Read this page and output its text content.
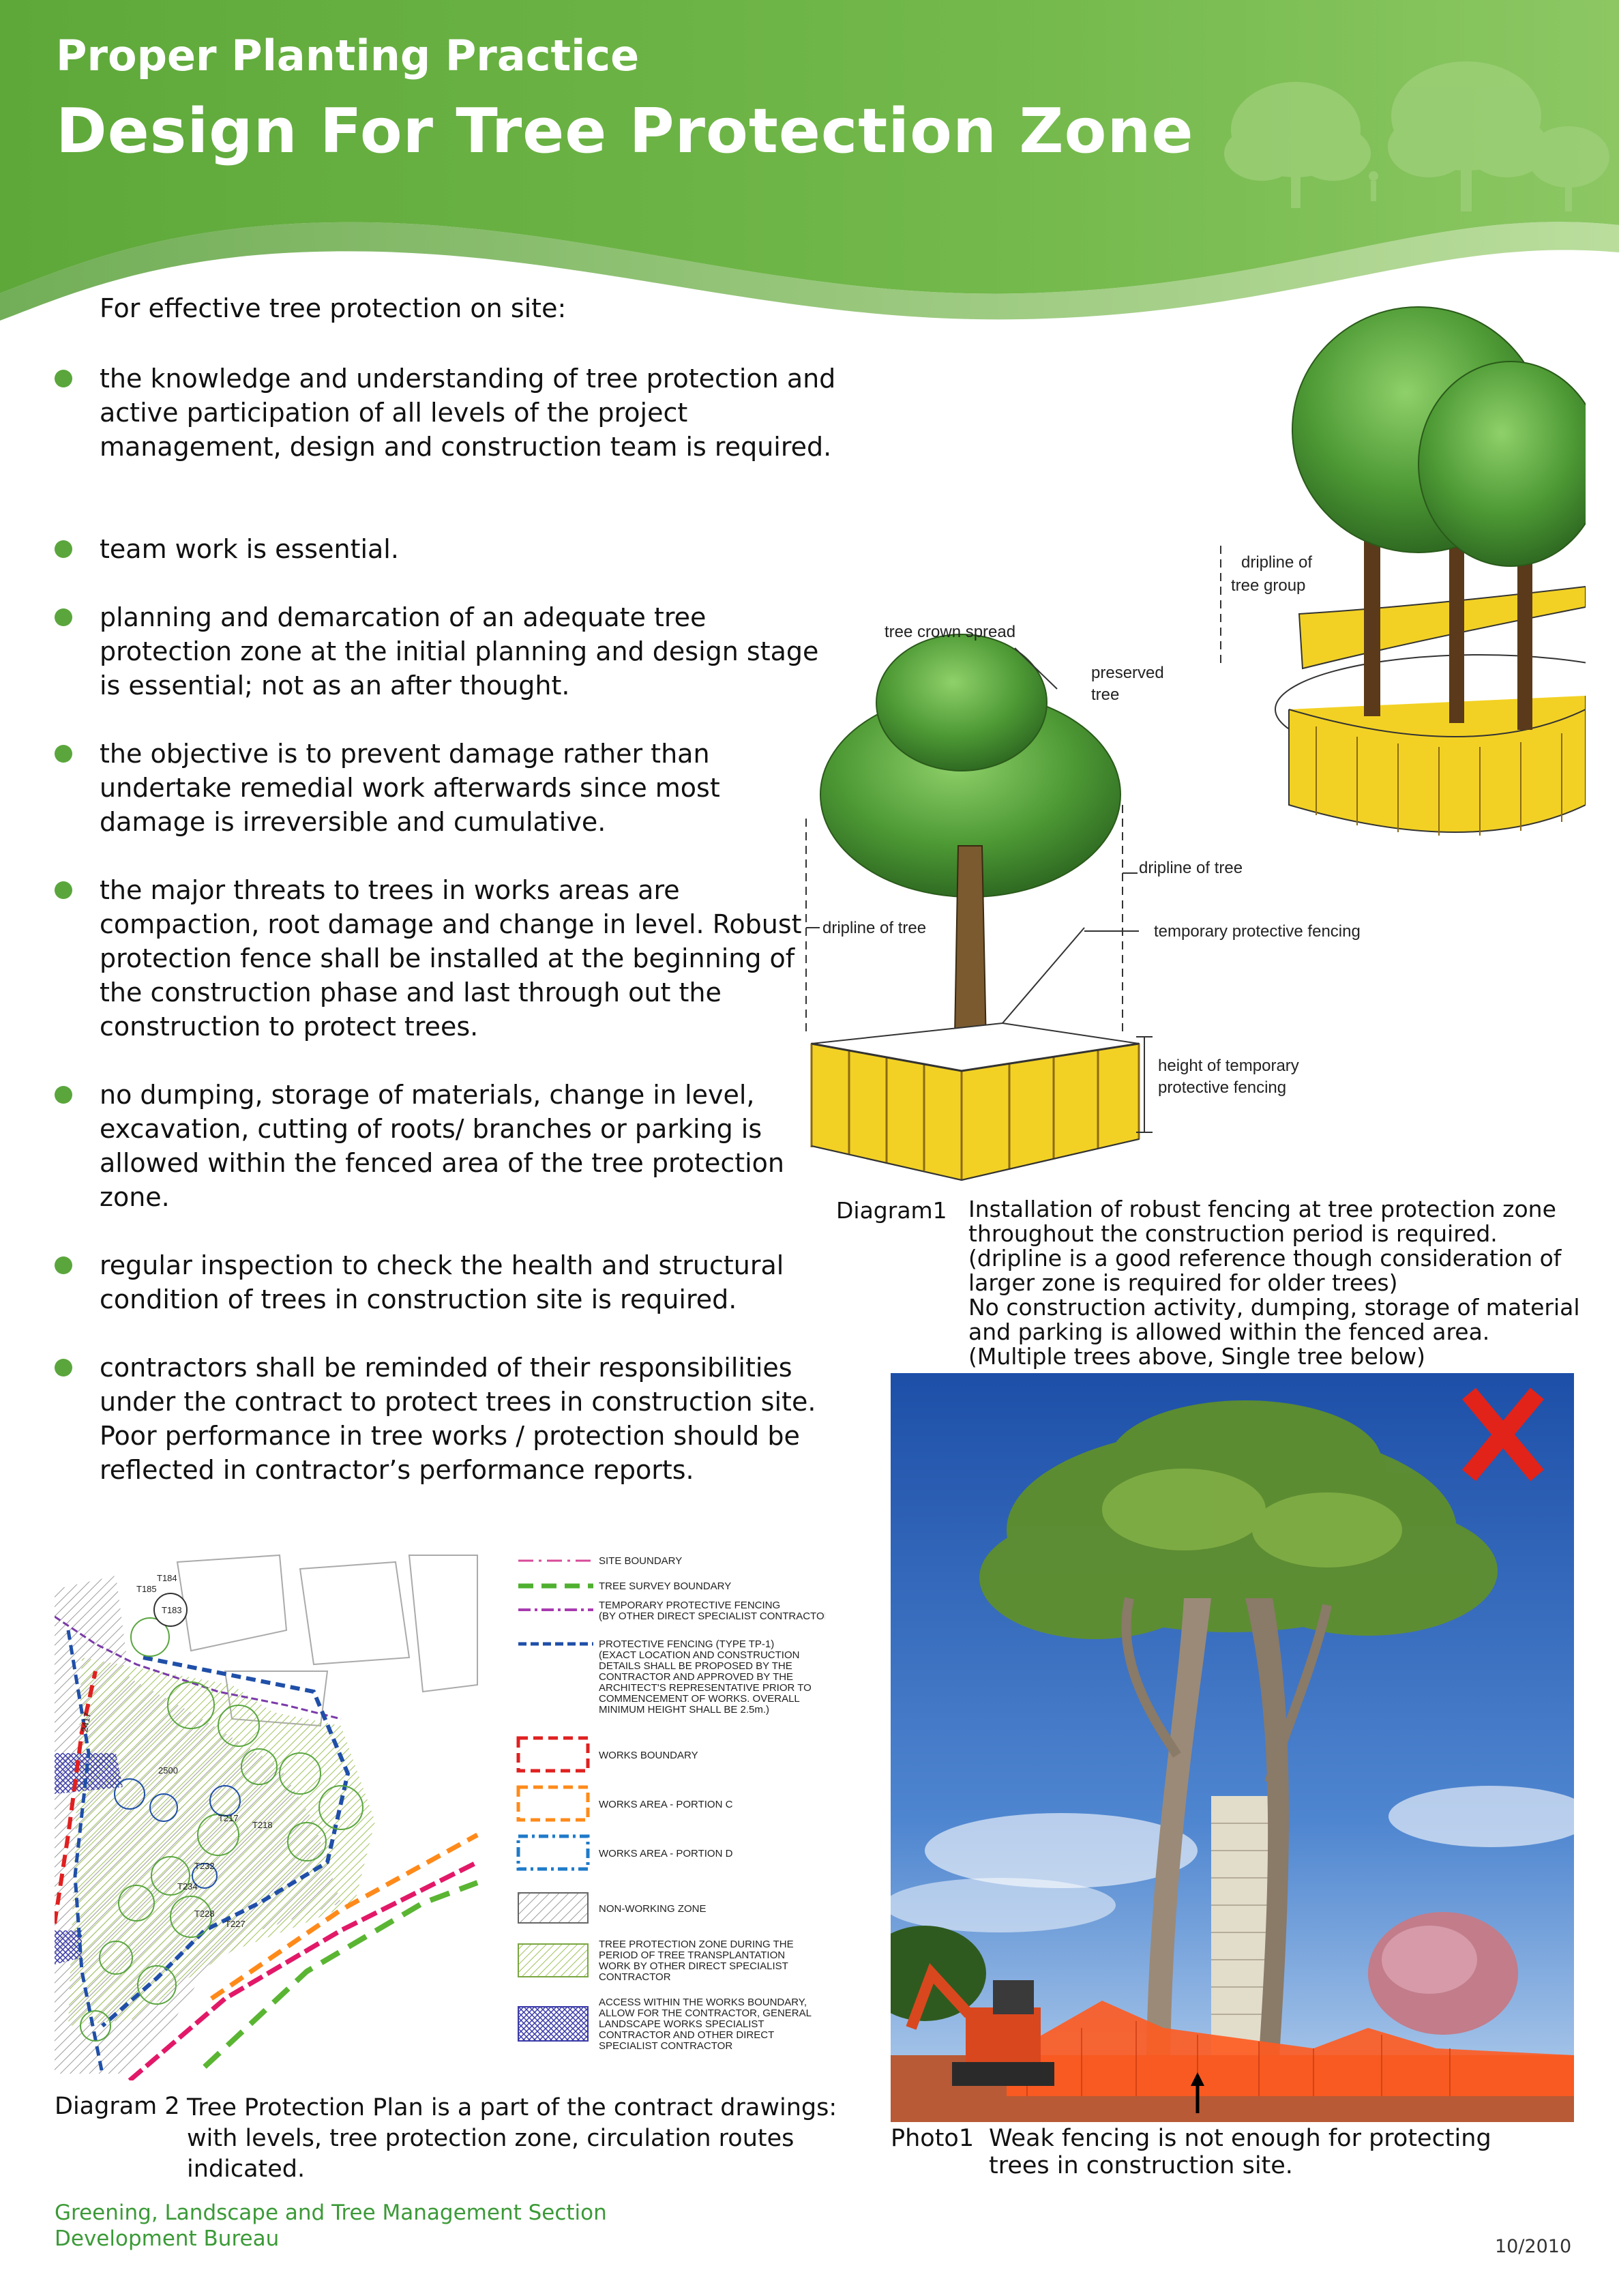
Proper Planting Practice
Design For Tree Protection Zone
For effective tree protection on site:
the knowledge and understanding of tree protection and active participation of all levels of the project management, design and construction team is required.
team work is essential.
planning and demarcation of an adequate tree protection zone at the initial planning and design stage is essential; not as an after thought.
the objective is to prevent damage rather than undertake remedial work afterwards since most damage is irreversible and cumulative.
the major threats to trees in works areas are compaction, root damage and change in level. Robust protection fence shall be installed at the beginning of the construction phase and last through out the construction to protect trees.
no dumping, storage of materials, change in level, excavation, cutting of roots/ branches or parking is allowed within the fenced area of the tree protection zone.
regular inspection to check the health and structural condition of trees in construction site is required.
contractors shall be reminded of their responsibilities under the contract to protect trees in construction site. Poor performance in tree works / protection should be reflected in contractor’s performance reports.
dripline of
tree group
tree crown spread
preserved
tree
dripline of tree
dripline of tree	temporary protective fencing
height of temporary
protective fencing
Diagram1 Installation of robust fencing at tree protection zone
throughout the construction period is required.
(dripline is a good reference though consideration of
larger zone is required for older trees)
No construction activity, dumping, storage of material
and parking is allowed within the fenced area.
(Multiple trees above, Single tree below)
Photo1 Weak fencing is not enough for protecting
trees in construction site.
T184
T185
T183
2417
2500
T217
T218
T232
T234
T228
T227
SITE BOUNDARY
TREE SURVEY BOUNDARY
TEMPORARY PROTECTIVE FENCING
(BY OTHER DIRECT SPECIALIST CONTRACTOR)
PROTECTIVE FENCING (TYPE TP-1)
(EXACT LOCATION AND CONSTRUCTION
DETAILS SHALL BE PROPOSED BY THE
CONTRACTOR AND APPROVED BY THE
ARCHITECT'S REPRESENTATIVE PRIOR TO
COMMENCEMENT OF WORKS. OVERALL
MINIMUM HEIGHT SHALL BE 2.5m.)
WORKS BOUNDARY
WORKS AREA - PORTION C
WORKS AREA - PORTION D
NON-WORKING ZONE
TREE PROTECTION ZONE DURING THE
PERIOD OF TREE TRANSPLANTATION
WORK BY OTHER DIRECT SPECIALIST
CONTRACTOR
ACCESS WITHIN THE WORKS BOUNDARY,
ALLOW FOR THE CONTRACTOR, GENERAL
LANDSCAPE WORKS SPECIALIST
CONTRACTOR AND OTHER DIRECT
SPECIALIST CONTRACTOR
Diagram 2 Tree Protection Plan is a part of the contract drawings:
with levels, tree protection zone, circulation routes
indicated.
Greening, Landscape and Tree Management Section
Development Bureau	10/2010
